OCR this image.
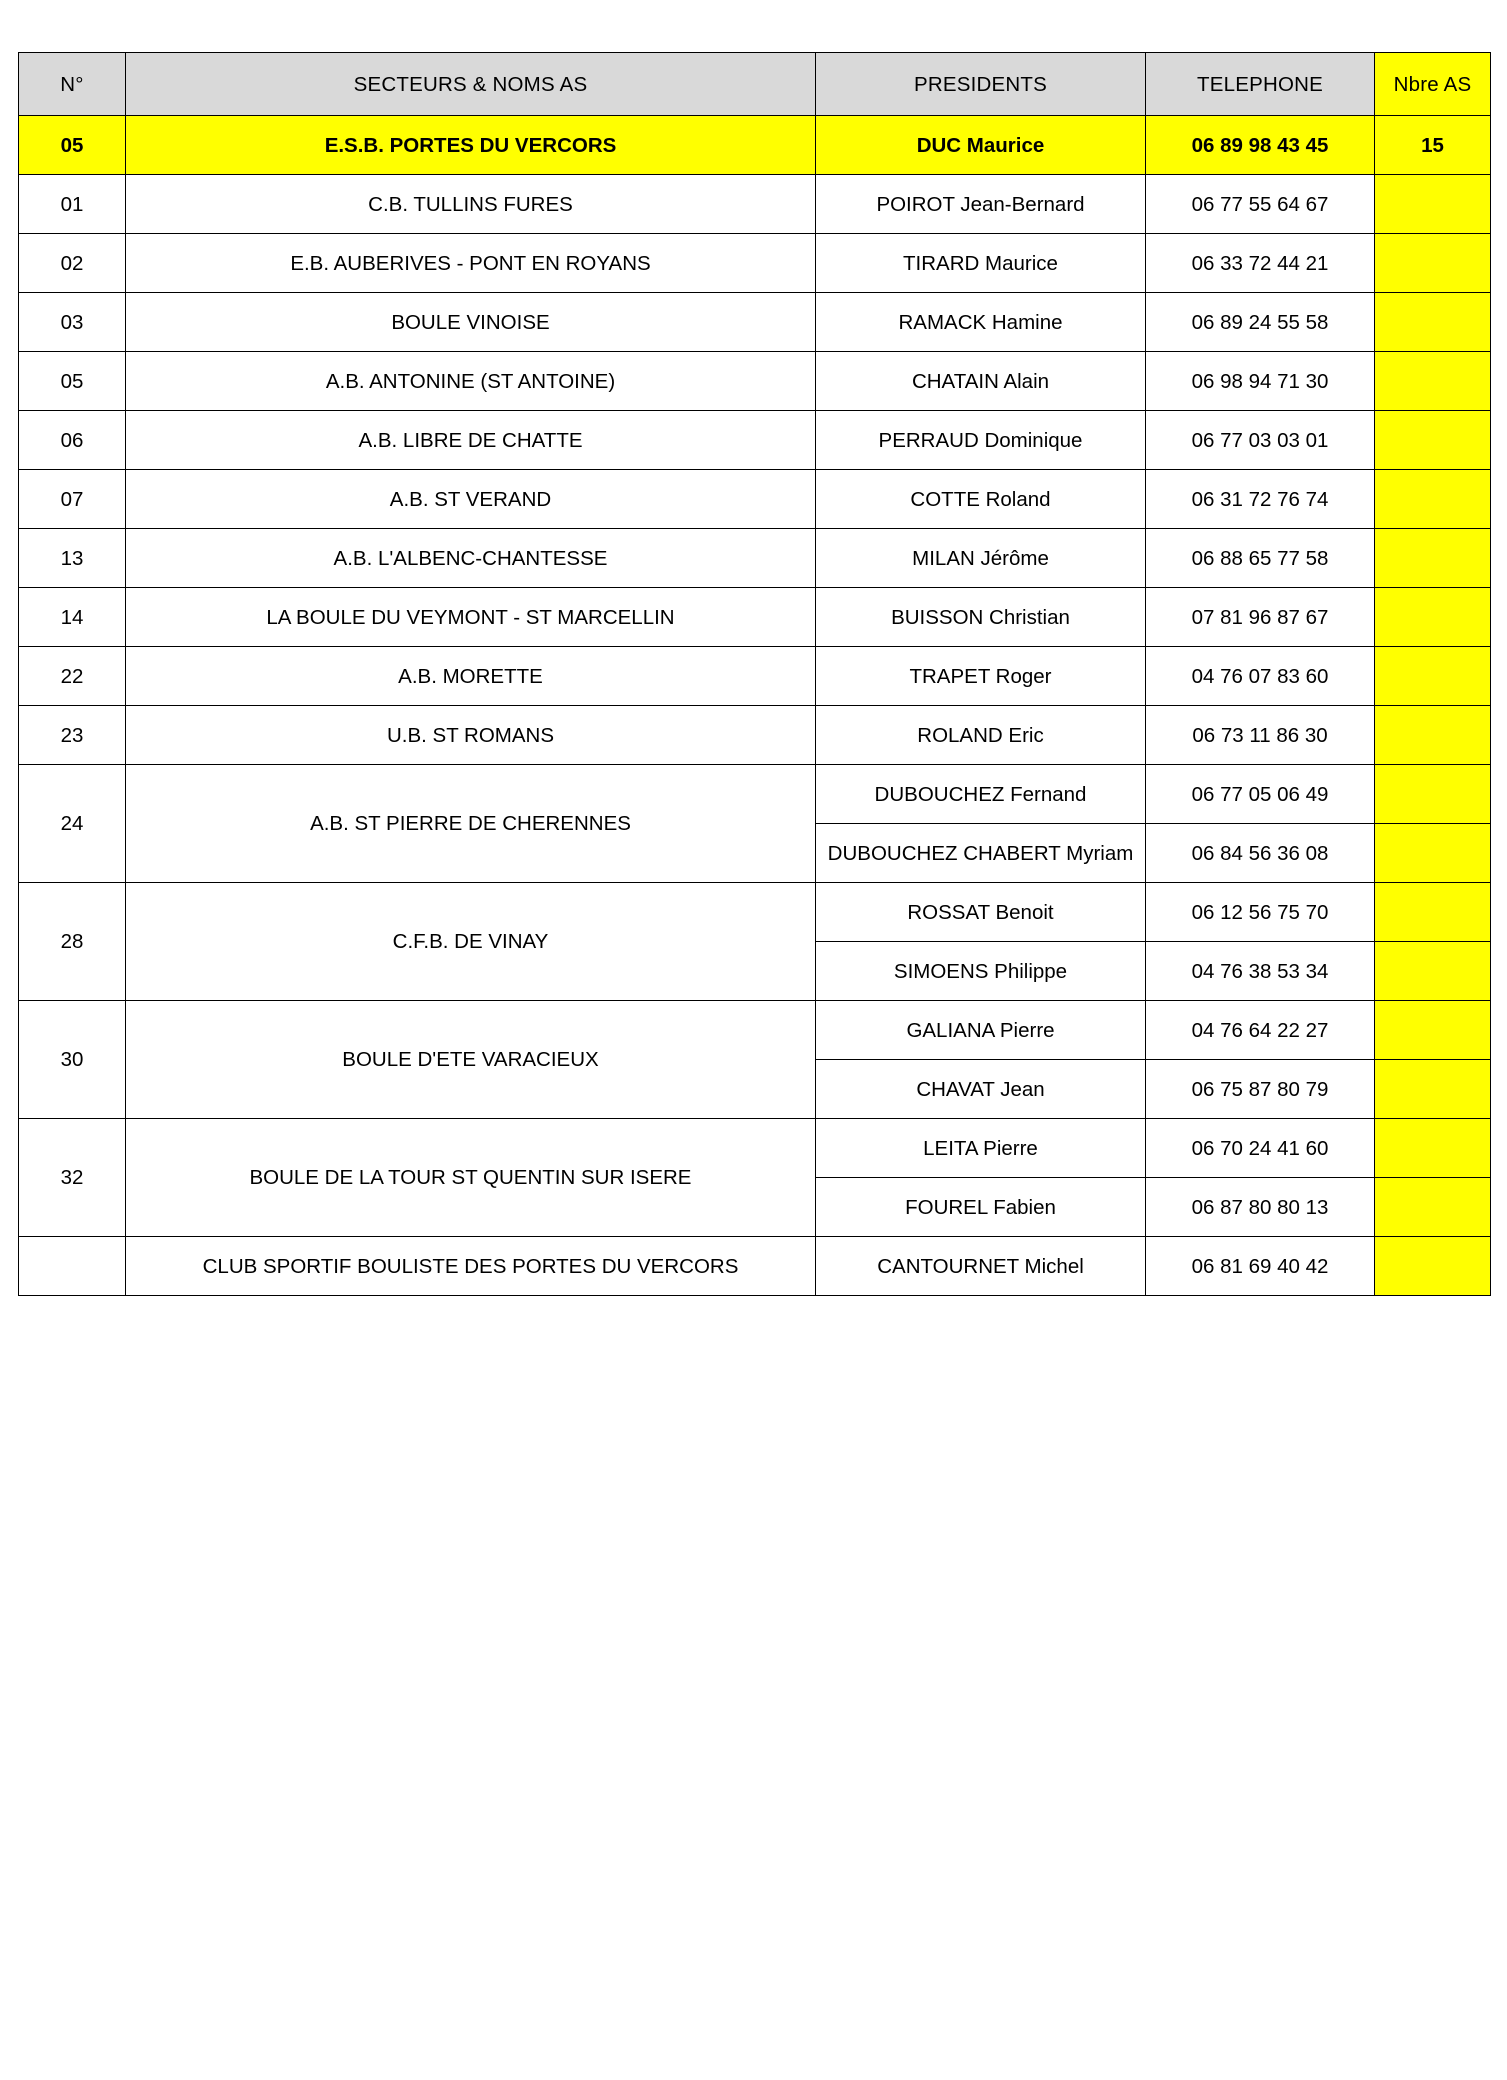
N°	SECTEURS & NOMS AS	PRESIDENTS	TELEPHONE	Nbre AS
05	E.S.B. PORTES DU VERCORS	DUC Maurice	06 89 98 43 45	15
01	C.B. TULLINS FURES	POIROT Jean-Bernard	06 77 55 64 67	
02	E.B. AUBERIVES - PONT EN ROYANS	TIRARD Maurice	06 33 72 44 21	
03	BOULE VINOISE	RAMACK Hamine	06 89 24 55 58	
05	A.B. ANTONINE (ST ANTOINE)	CHATAIN Alain	06 98 94 71 30	
06	A.B. LIBRE DE CHATTE	PERRAUD Dominique	06 77 03 03 01	
07	A.B. ST VERAND	COTTE Roland	06 31 72 76 74	
13	A.B. L'ALBENC-CHANTESSE	MILAN Jérôme	06 88 65 77 58	
14	LA BOULE DU VEYMONT - ST MARCELLIN	BUISSON Christian	07 81 96 87 67	
22	A.B. MORETTE	TRAPET Roger	04 76 07 83 60	
23	U.B. ST ROMANS	ROLAND Eric	06 73 11 86 30	
24	A.B. ST PIERRE DE CHERENNES	DUBOUCHEZ Fernand	06 77 05 06 49	
		DUBOUCHEZ CHABERT Myriam	06 84 56 36 08	
28	C.F.B. DE VINAY	ROSSAT Benoit	06 12 56 75 70	
		SIMOENS Philippe	04 76 38 53 34	
30	BOULE D'ETE VARACIEUX	GALIANA Pierre	04 76 64 22 27	
		CHAVAT Jean	06 75 87 80 79	
32	BOULE DE LA TOUR ST QUENTIN SUR ISERE	LEITA Pierre	06 70 24 41 60	
		FOUREL Fabien	06 87 80 80 13	
	CLUB SPORTIF BOULISTE DES PORTES DU VERCORS	CANTOURNET Michel	06 81 69 40 42	
